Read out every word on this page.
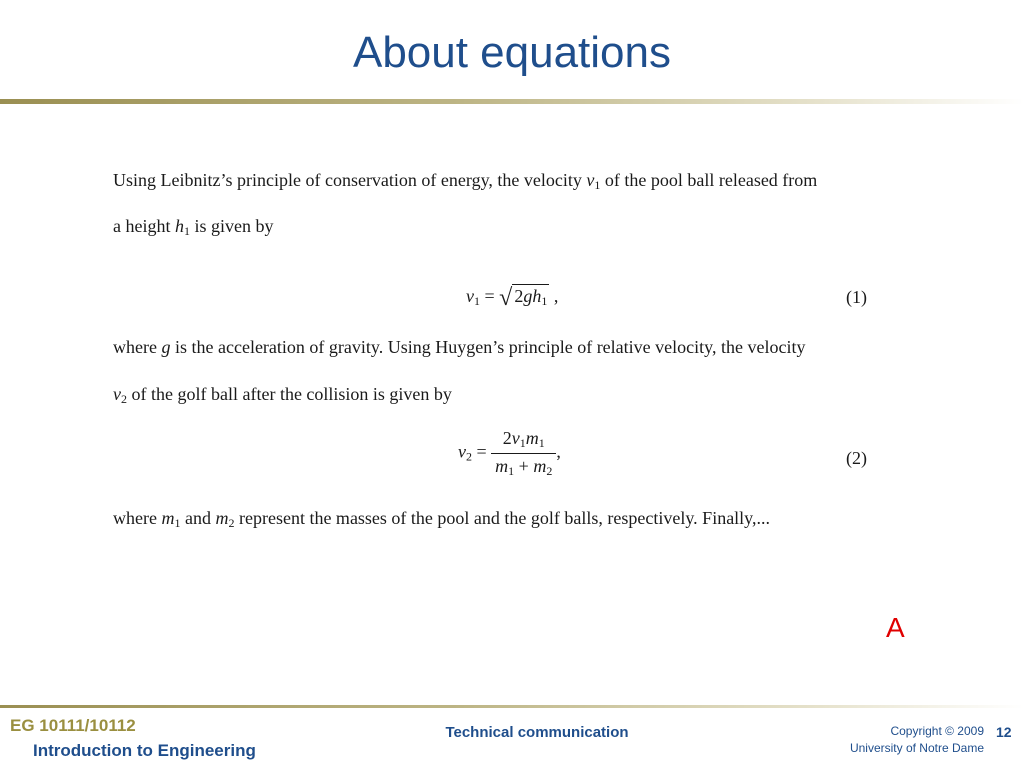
About equations
Using Leibnitz’s principle of conservation of energy, the velocity $v_1$ of the pool ball released from
a height $h_1$ is given by
$v_1$ = √ $2gh_1$ ,	(1)
where g is the acceleration of gravity. Using Huygen’s principle of relative velocity, the velocity
$v_2$ of the golf ball after the collision is given by
$v_2 = \frac{2v_1m_1}{m_1 + m_2}$ ,	(2)
where $m_1$ and $m_2$ represent the masses of the pool and the golf balls, respectively. Finally,...
A
EG 10111/10112
Introduction to Engineering
Technical communication	Copyright © 2009
University of Notre Dame
12
